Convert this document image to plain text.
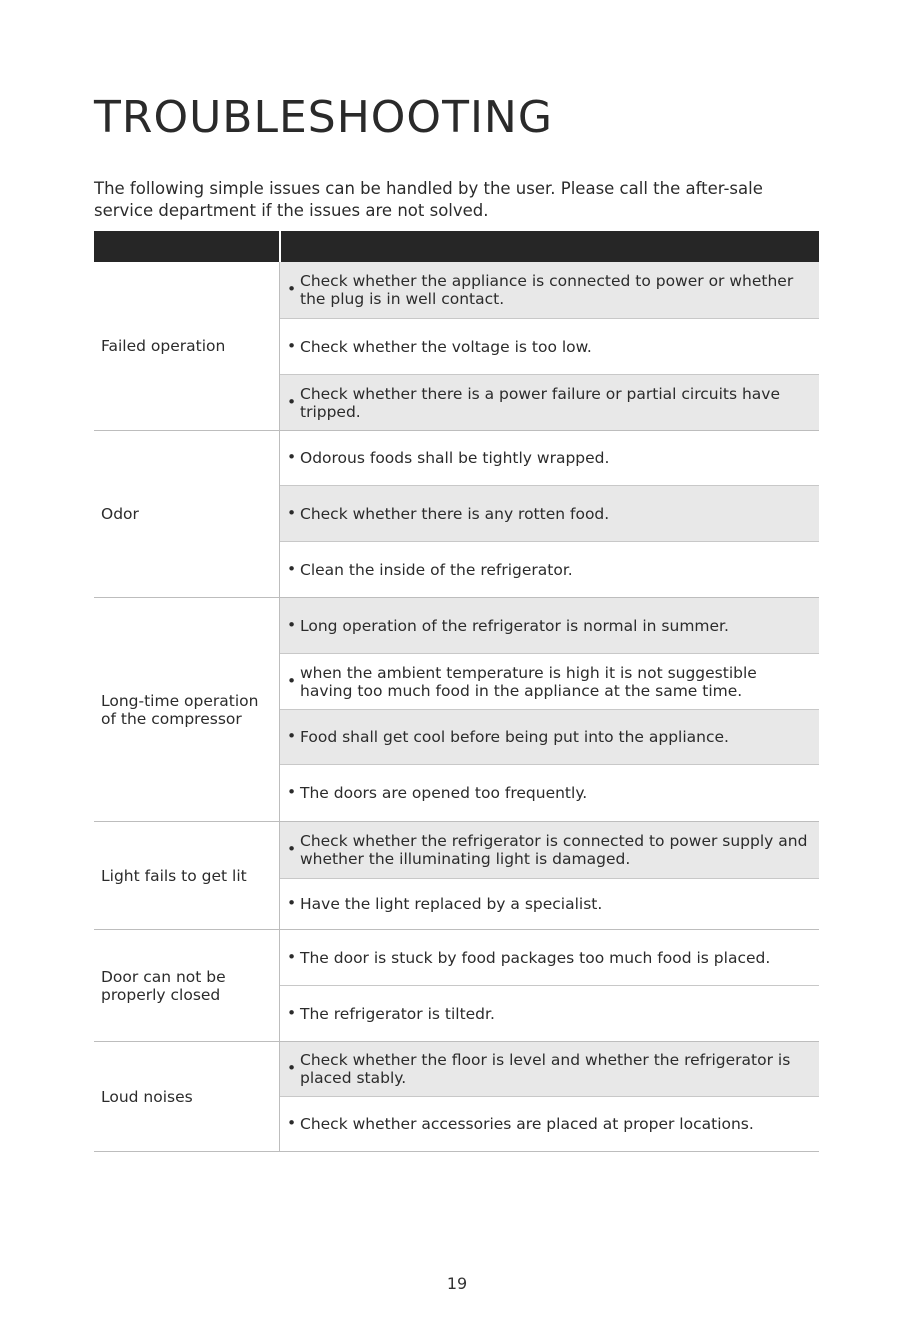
TROUBLESHOOTING

The following simple issues can be handled by the user. Please call the after-sale service department if the issues are not solved.

Failed operation
• Check whether the appliance is connected to power or whether the plug is in well contact.
• Check whether the voltage is too low.
• Check whether there is a power failure or partial circuits have tripped.
Odor
• Odorous foods shall be tightly wrapped.
• Check whether there is any rotten food.
• Clean the inside of the refrigerator.
Long-time operation
of the compressor
• Long operation of the refrigerator is normal in summer.
• when the ambient temperature is high it is not suggestible having too much food in the appliance at the same time.
• Food shall get cool before being put into the appliance.
• The doors are opened too frequently.
Light fails to get lit
• Check whether the refrigerator is connected to power supply and whether the illuminating light is damaged.
• Have the light replaced by a specialist.
Door can not be
properly closed
• The door is stuck by food packages too much food is placed.
• The refrigerator is tiltedr.
Loud noises
• Check whether the floor is level and whether the refrigerator is placed stably.
• Check whether accessories are placed at proper locations.
19
